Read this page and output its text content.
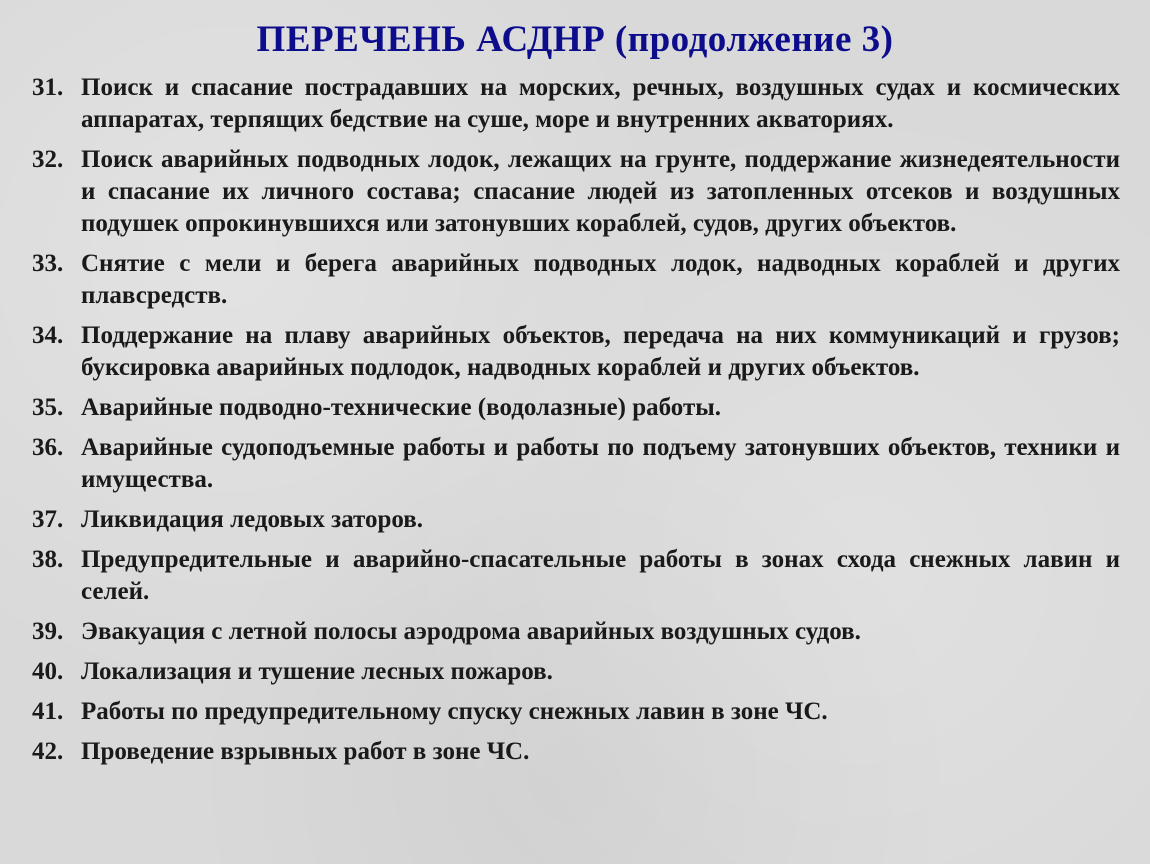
ПЕРЕЧЕНЬ АСДНР (продолжение 3)
31. Поиск и спасание пострадавших на морских, речных, воздушных судах и космических аппаратах, терпящих бедствие на суше, море и внутренних акваториях.
32. Поиск аварийных подводных лодок, лежащих на грунте, поддержание жизнедеятельности и спасание их личного состава; спасание людей из затопленных отсеков и воздушных подушек опрокинувшихся или затонувших кораблей, судов, других объектов.
33. Снятие с мели и берега аварийных подводных лодок, надводных кораблей и других плавсредств.
34. Поддержание на плаву аварийных объектов, передача на них коммуникаций и грузов; буксировка аварийных подлодок, надводных кораблей и других объектов.
35. Аварийные подводно-технические (водолазные) работы.
36. Аварийные судоподъемные работы и работы по подъему затонувших объектов, техники и имущества.
37. Ликвидация ледовых заторов.
38. Предупредительные и аварийно-спасательные работы в зонах схода снежных лавин и селей.
39. Эвакуация с летной полосы аэродрома аварийных воздушных судов.
40. Локализация и тушение лесных пожаров.
41. Работы по предупредительному спуску снежных лавин в зоне ЧС.
42. Проведение взрывных работ в зоне ЧС.
